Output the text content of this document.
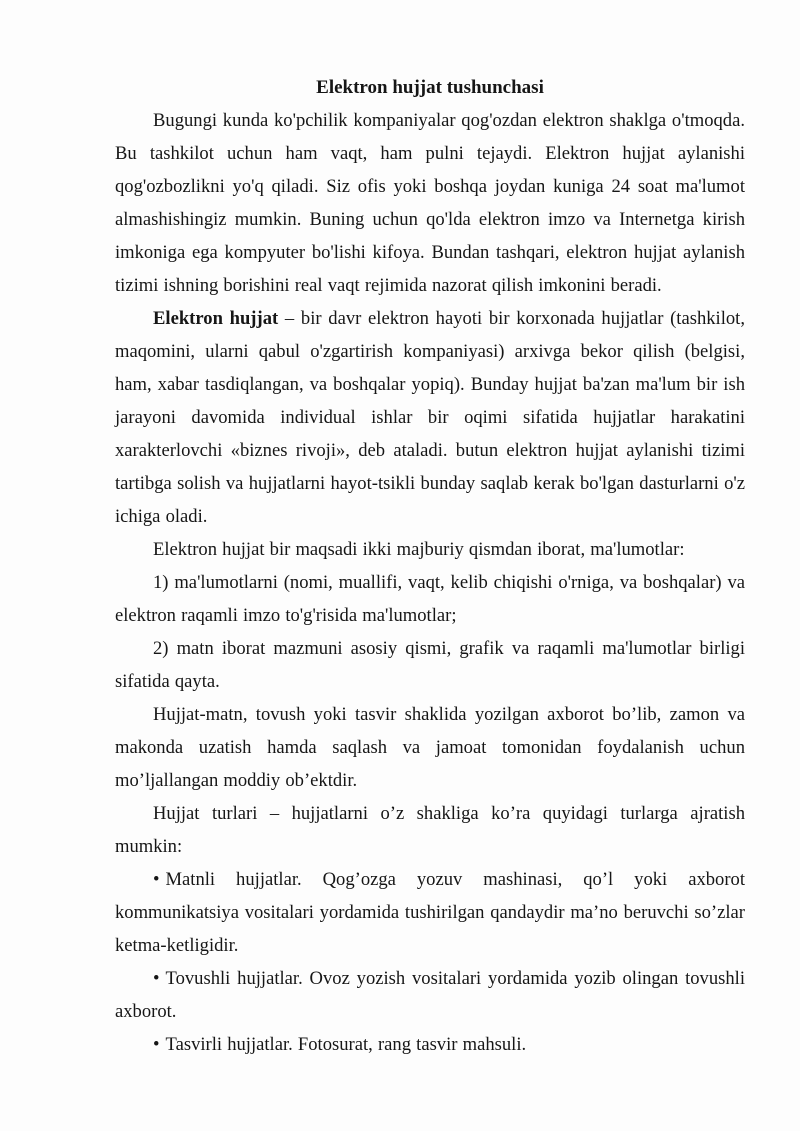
Elektron hujjat tushunchasi

Bugungi kunda ko'pchilik kompaniyalar qog'ozdan elektron shaklga o'tmoqda. Bu tashkilot uchun ham vaqt, ham pulni tejaydi. Elektron hujjat aylanishi qog'ozbozlikni yo'q qiladi. Siz ofis yoki boshqa joydan kuniga 24 soat ma'lumot almashishingiz mumkin. Buning uchun qo'lda elektron imzo va Internetga kirish imkoniga ega kompyuter bo'lishi kifoya. Bundan tashqari, elektron hujjat aylanish tizimi ishning borishini real vaqt rejimida nazorat qilish imkonini beradi.

Elektron hujjat – bir davr elektron hayoti bir korxonada hujjatlar (tashkilot, maqomini, ularni qabul o'zgartirish kompaniyasi) arxivga bekor qilish (belgisi, ham, xabar tasdiqlangan, va boshqalar yopiq). Bunday hujjat ba'zan ma'lum bir ish jarayoni davomida individual ishlar bir oqimi sifatida hujjatlar harakatini xarakterlovchi «biznes rivoji», deb ataladi. butun elektron hujjat aylanishi tizimi tartibga solish va hujjatlarni hayot-tsikli bunday saqlab kerak bo'lgan dasturlarni o'z ichiga oladi.

Elektron hujjat bir maqsadi ikki majburiy qismdan iborat, ma'lumotlar:

1) ma'lumotlarni (nomi, muallifi, vaqt, kelib chiqishi o'rniga, va boshqalar) va elektron raqamli imzo to'g'risida ma'lumotlar;

2) matn iborat mazmuni asosiy qismi, grafik va raqamli ma'lumotlar birligi sifatida qayta.

Hujjat-matn, tovush yoki tasvir shaklida yozilgan axborot bo’lib, zamon va makonda uzatish hamda saqlash va jamoat tomonidan foydalanish uchun mo’ljallangan moddiy ob’ektdir.

Hujjat turlari – hujjatlarni o’z shakliga ko’ra quyidagi turlarga ajratish mumkin:

• Matnli hujjatlar. Qog’ozga yozuv mashinasi, qo’l yoki axborot kommunikatsiya vositalari yordamida tushirilgan qandaydir ma’no beruvchi so’zlar ketma-ketligidir.

• Tovushli hujjatlar. Ovoz yozish vositalari yordamida yozib olingan tovushli axborot.

• Tasvirli hujjatlar. Fotosurat, rang tasvir mahsuli.
